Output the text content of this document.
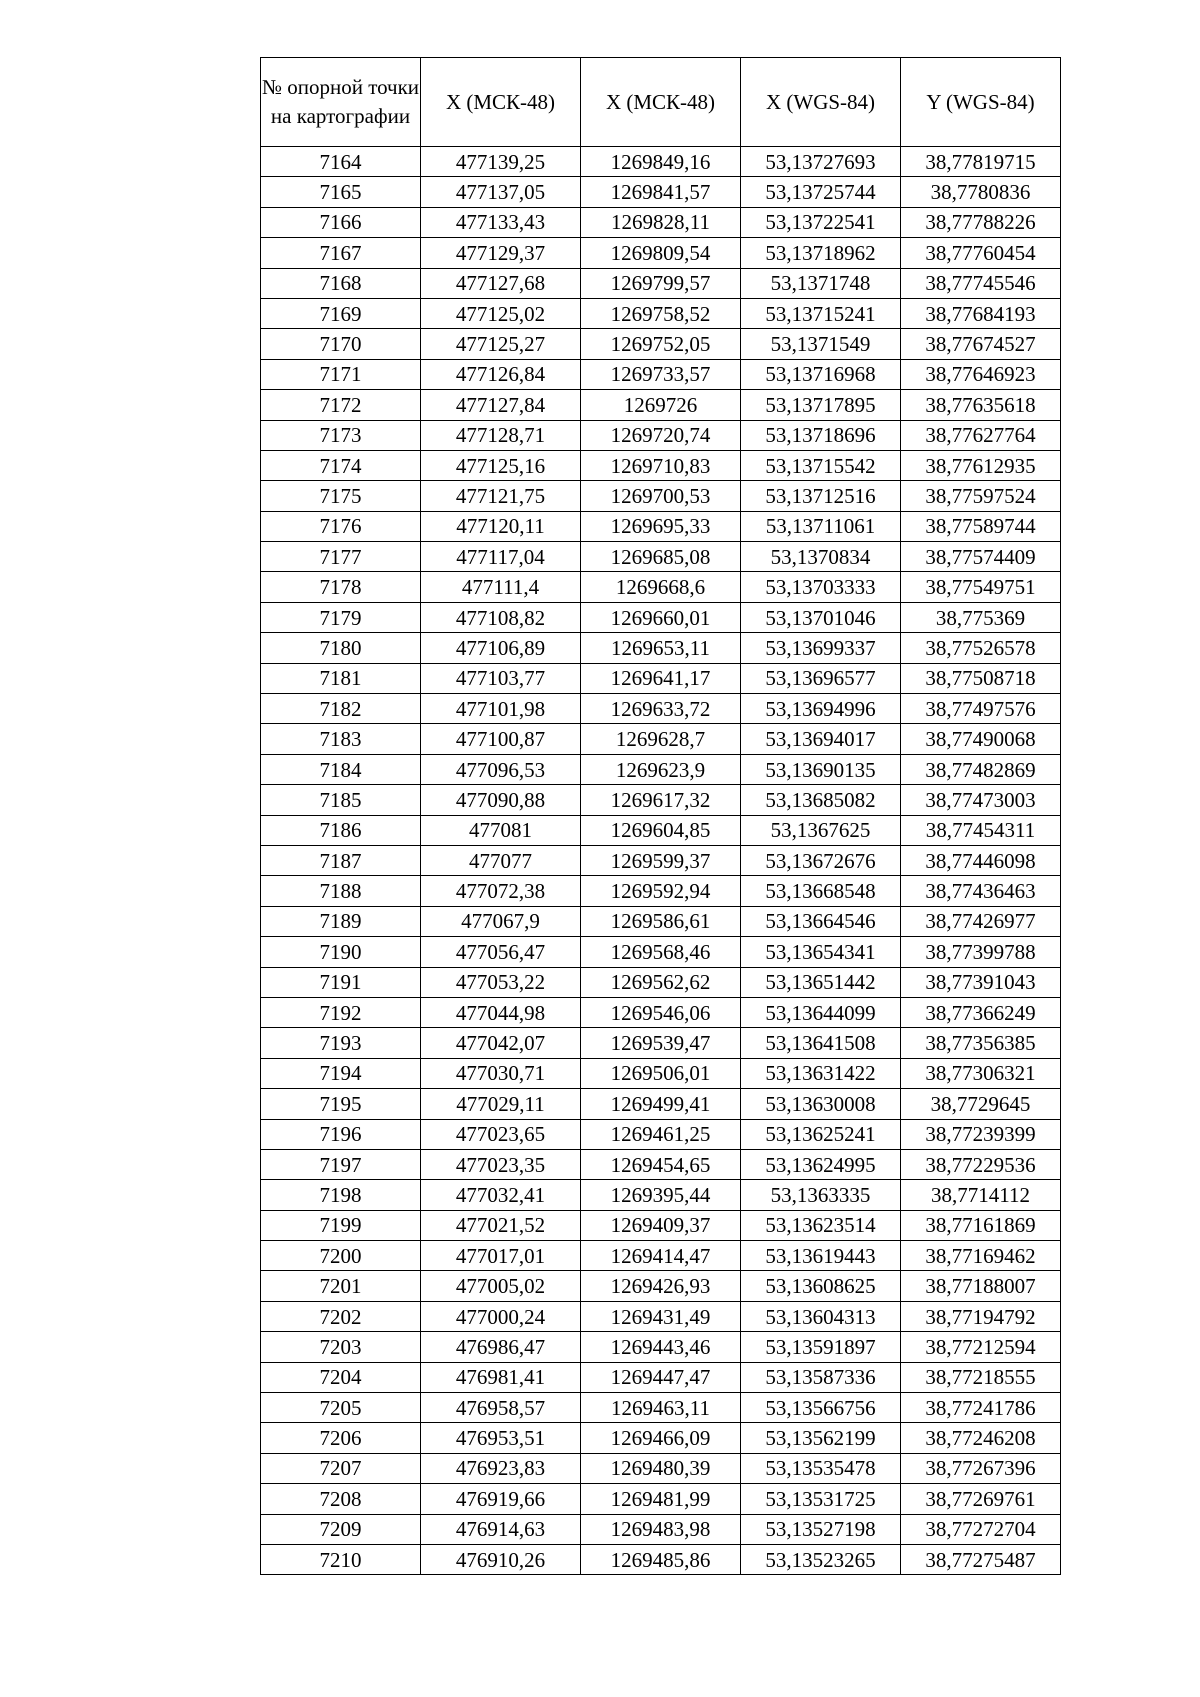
№ опорной точки на картографии	X (МСК-48)	X (МСК-48)	X (WGS-84)	Y (WGS-84)
7164	477139,25	1269849,16	53,13727693	38,77819715
7165	477137,05	1269841,57	53,13725744	38,7780836
7166	477133,43	1269828,11	53,13722541	38,77788226
7167	477129,37	1269809,54	53,13718962	38,77760454
7168	477127,68	1269799,57	53,1371748	38,77745546
7169	477125,02	1269758,52	53,13715241	38,77684193
7170	477125,27	1269752,05	53,1371549	38,77674527
7171	477126,84	1269733,57	53,13716968	38,77646923
7172	477127,84	1269726	53,13717895	38,77635618
7173	477128,71	1269720,74	53,13718696	38,77627764
7174	477125,16	1269710,83	53,13715542	38,77612935
7175	477121,75	1269700,53	53,13712516	38,77597524
7176	477120,11	1269695,33	53,13711061	38,77589744
7177	477117,04	1269685,08	53,1370834	38,77574409
7178	477111,4	1269668,6	53,13703333	38,77549751
7179	477108,82	1269660,01	53,13701046	38,775369
7180	477106,89	1269653,11	53,13699337	38,77526578
7181	477103,77	1269641,17	53,13696577	38,77508718
7182	477101,98	1269633,72	53,13694996	38,77497576
7183	477100,87	1269628,7	53,13694017	38,77490068
7184	477096,53	1269623,9	53,13690135	38,77482869
7185	477090,88	1269617,32	53,13685082	38,77473003
7186	477081	1269604,85	53,1367625	38,77454311
7187	477077	1269599,37	53,13672676	38,77446098
7188	477072,38	1269592,94	53,13668548	38,77436463
7189	477067,9	1269586,61	53,13664546	38,77426977
7190	477056,47	1269568,46	53,13654341	38,77399788
7191	477053,22	1269562,62	53,13651442	38,77391043
7192	477044,98	1269546,06	53,13644099	38,77366249
7193	477042,07	1269539,47	53,13641508	38,77356385
7194	477030,71	1269506,01	53,13631422	38,77306321
7195	477029,11	1269499,41	53,13630008	38,7729645
7196	477023,65	1269461,25	53,13625241	38,77239399
7197	477023,35	1269454,65	53,13624995	38,77229536
7198	477032,41	1269395,44	53,1363335	38,7714112
7199	477021,52	1269409,37	53,13623514	38,77161869
7200	477017,01	1269414,47	53,13619443	38,77169462
7201	477005,02	1269426,93	53,13608625	38,77188007
7202	477000,24	1269431,49	53,13604313	38,77194792
7203	476986,47	1269443,46	53,13591897	38,77212594
7204	476981,41	1269447,47	53,13587336	38,77218555
7205	476958,57	1269463,11	53,13566756	38,77241786
7206	476953,51	1269466,09	53,13562199	38,77246208
7207	476923,83	1269480,39	53,13535478	38,77267396
7208	476919,66	1269481,99	53,13531725	38,77269761
7209	476914,63	1269483,98	53,13527198	38,77272704
7210	476910,26	1269485,86	53,13523265	38,77275487
